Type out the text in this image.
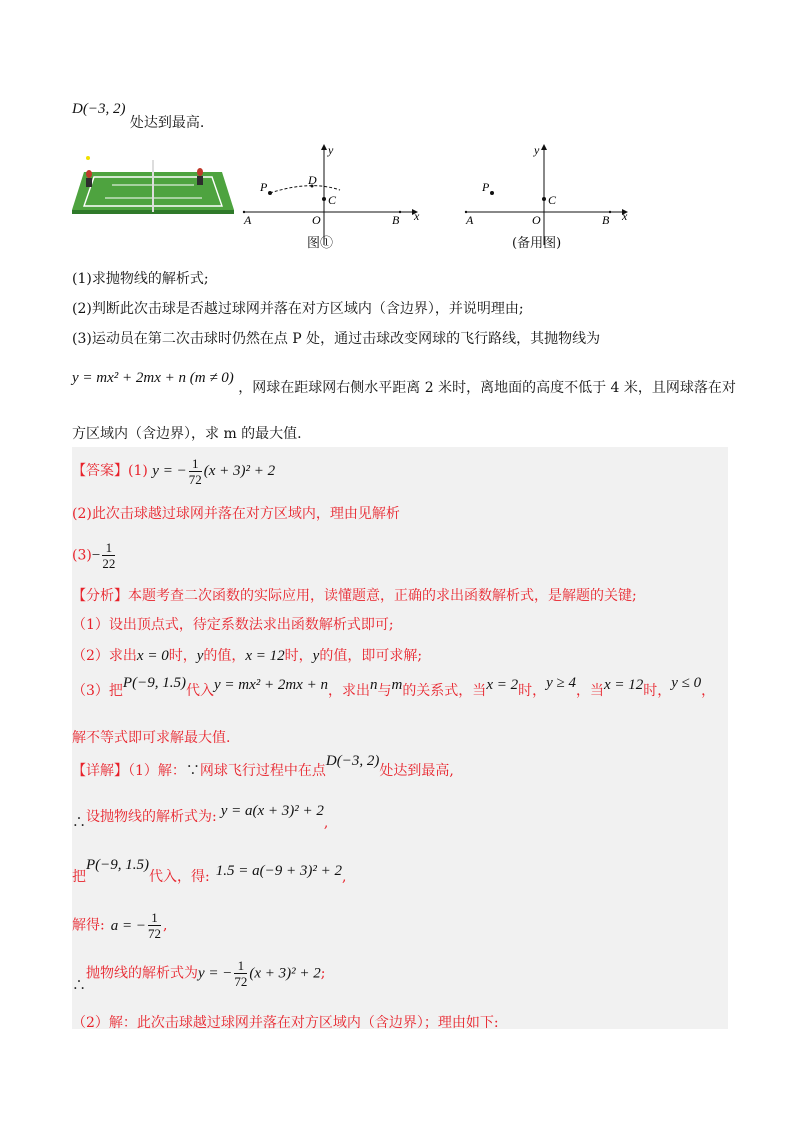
D(−3, 2) 处达到最高.
y
x
P	D
C
O
A	B
图①
y
x
P
C
O
A	B
(备用图)
(1)求抛物线的解析式;
(2)判断此次击球是否越过球网并落在对方区域内（含边界），并说明理由;
(3)运动员在第二次击球时仍然在点 P 处，通过击球改变网球的飞行路线，其抛物线为
y = mx² + 2mx + n (m ≠ 0) ，网球在距球网右侧水平距离 2 米时，离地面的高度不低于 4 米，且网球落在对
方区域内（含边界），求 m 的最大值.
【答案】(1) y = − $\frac{1}{72} (x + 3)^2 + 2$
(2)此次击球越过球网并落在对方区域内，理由见解析
$(3)- \frac{1}{22}$
【分析】本题考查二次函数的实际应用，读懂题意，正确的求出函数解析式，是解题的关键;
（1）设出顶点式，待定系数法求出函数解析式即可;
（2）求出x = 0时，y的值，x = 12时，y的值，即可求解;
（3）把P(−9, 1.5)代入y = mx² + 2mx + n，求出n与m的关系式，当x = 2时，y ≥ 4，当x = 12时，y ≤ 0，
解不等式即可求解最大值.
【详解】（1）解：∵网球飞行过程中在点D(−3, 2)处达到最高,
∴设抛物线的解析式为: y = a(x + 3)² + 2,
把P(−9, 1.5)代入，得: 1.5 = a(−9 + 3)² + 2,
解得: a = − $\frac{1}{72}$ ,
∴抛物线的解析式为y = − $\frac{1}{72} (x + 3)^2 + 2$;
（2）解：此次击球越过球网并落在对方区域内（含边界）；理由如下:
